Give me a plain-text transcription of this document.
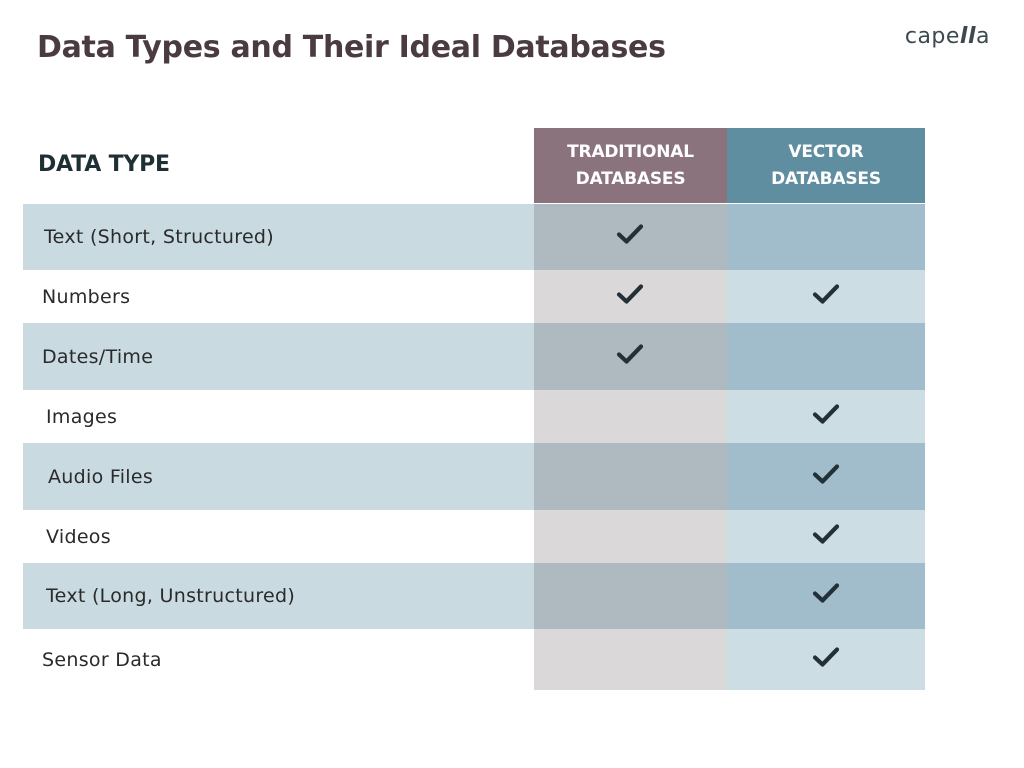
Data Types and Their Ideal Databases	capella
DATA TYPE
TRADITIONAL
DATABASES
VECTOR
DATABASES
Text (Short, Structured)
Numbers
Dates/Time
Images
Audio Files
Videos
Text (Long, Unstructured)
Sensor Data
